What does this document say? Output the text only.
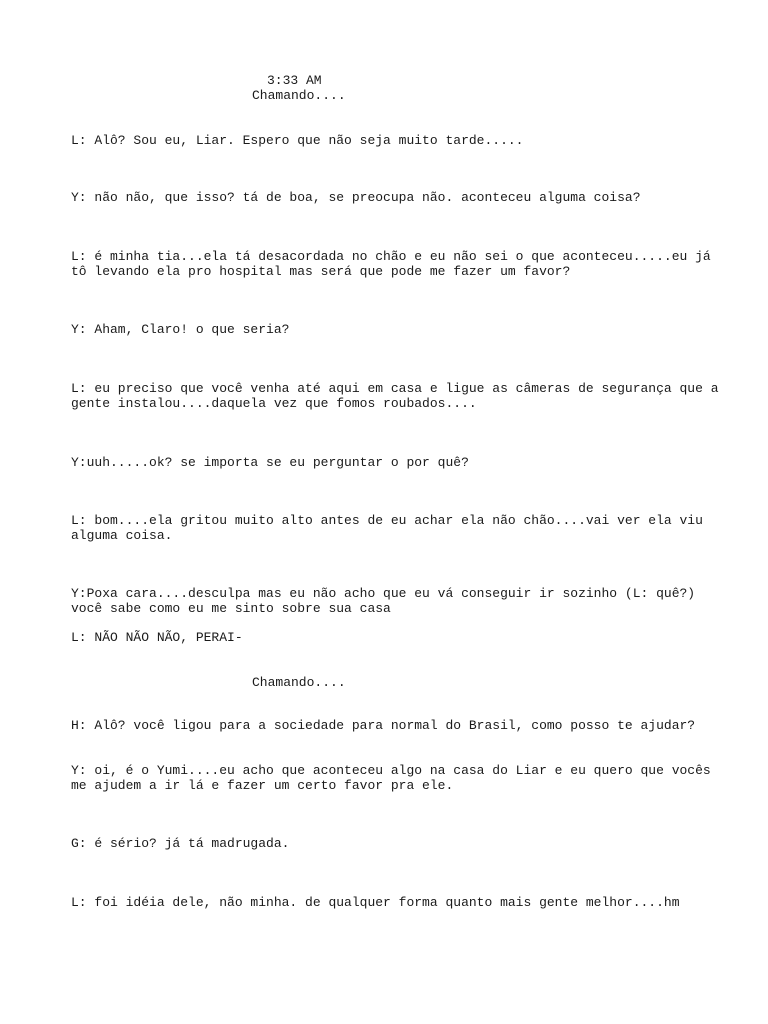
3:33 AM
Chamando....
L: Alô? Sou eu, Liar. Espero que não seja muito tarde.....
Y: não não, que isso? tá de boa, se preocupa não. aconteceu alguma coisa?
L: é minha tia...ela tá desacordada no chão e eu não sei o que aconteceu.....eu já
tô levando ela pro hospital mas será que pode me fazer um favor?
Y: Aham, Claro! o que seria?
L: eu preciso que você venha até aqui em casa e ligue as câmeras de segurança que a
gente instalou....daquela vez que fomos roubados....
Y:uuh.....ok? se importa se eu perguntar o por quê?
L: bom....ela gritou muito alto antes de eu achar ela não chão....vai ver ela viu
alguma coisa.
Y:Poxa cara....desculpa mas eu não acho que eu vá conseguir ir sozinho (L: quê?)
você sabe como eu me sinto sobre sua casa
L: NÃO NÃO NÃO, PERAI-
Chamando....
H: Alô? você ligou para a sociedade para normal do Brasil, como posso te ajudar?
Y: oi, é o Yumi....eu acho que aconteceu algo na casa do Liar e eu quero que vocês
me ajudem a ir lá e fazer um certo favor pra ele.
G: é sério? já tá madrugada.
L: foi idéia dele, não minha. de qualquer forma quanto mais gente melhor....hm
